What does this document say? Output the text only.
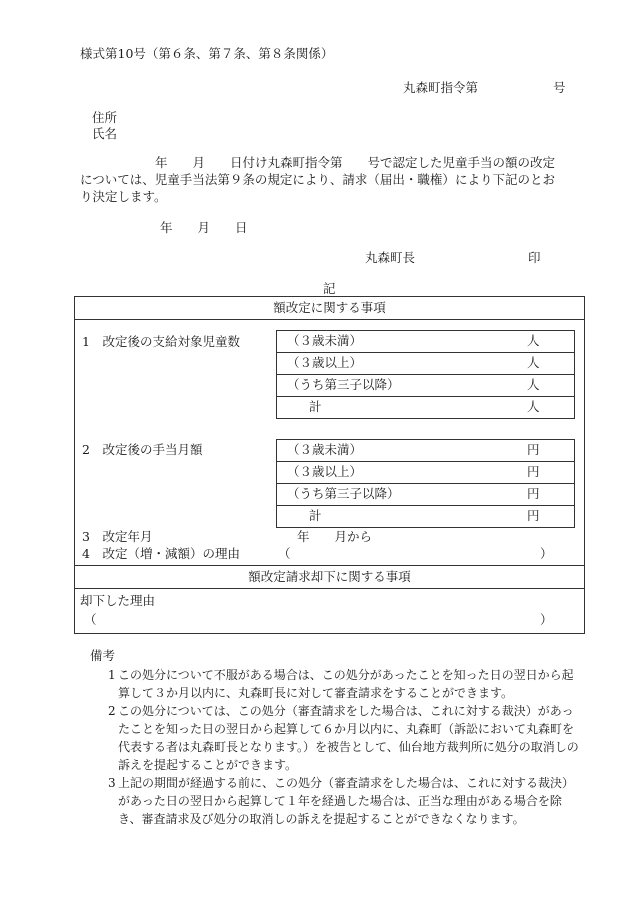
様式第10号（第６条、第７条、第８条関係）
丸森町指令第　　　　　　号
住所
氏名
　　　　　　年　　月　　日付け丸森町指令第　　号で認定した児童手当の額の改定については、児童手当法第９条の規定により、請求（届出・職権）により下記のとおり決定します。
年　　月　　日
丸森町長	印
記
額改定に関する事項
1　改定後の支給対象児童数	（３歳未満）	人
（３歳以上）	人
（うち第三子以降）	人
計	人
2　改定後の手当月額	（３歳未満）	円
（３歳以上）	円
（うち第三子以降）	円
計	円
3　改定年月	年　　月から
4　改定（増・減額）の理由	（	）
額改定請求却下に関する事項
却下した理由
（	）
備考
1 この処分について不服がある場合は、この処分があったことを知った日の翌日から起算して３か月以内に、丸森町長に対して審査請求をすることができます。
2 この処分については、この処分（審査請求をした場合は、これに対する裁決）があったことを知った日の翌日から起算して６か月以内に、丸森町（訴訟において丸森町を代表する者は丸森町長となります。）を被告として、仙台地方裁判所に処分の取消しの訴えを提起することができます。
3 上記の期間が経過する前に、この処分（審査請求をした場合は、これに対する裁決）があった日の翌日から起算して１年を経過した場合は、正当な理由がある場合を除き、審査請求及び処分の取消しの訴えを提起することができなくなります。
